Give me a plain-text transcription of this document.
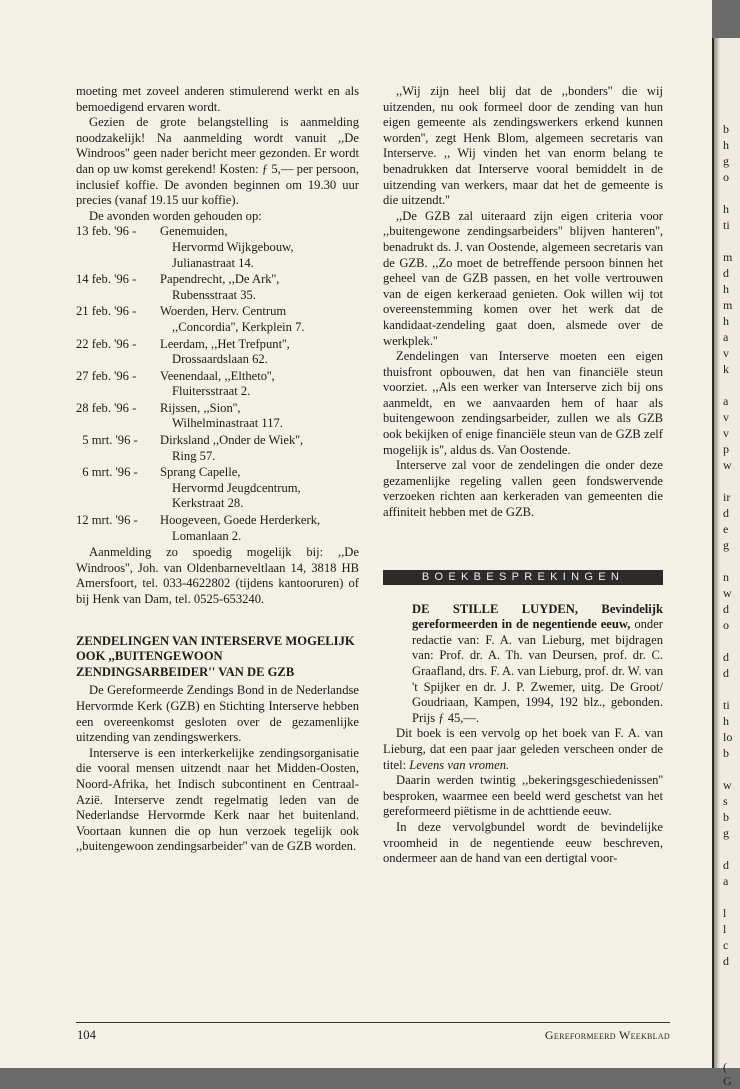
moeting met zoveel anderen stimulerend werkt en als bemoedigend ervaren wordt.

Gezien de grote belangstelling is aanmelding noodzakelijk! Na aanmelding wordt vanuit ,,De Windroos'' geen nader bericht meer gezonden. Er wordt dan op uw komst gerekend! Kosten: ƒ 5,— per persoon, inclusief koffie. De avonden beginnen om 19.30 uur precies (vanaf 19.15 uur koffie).

De avonden worden gehouden op:

13 feb. '96 -	Genemuiden,
Hervormd Wijkgebouw,
Julianastraat 14.
14 feb. '96 -	Papendrecht, ,,De Ark'',
Rubensstraat 35.
21 feb. '96 -	Woerden, Herv. Centrum
,,Concordia'', Kerkplein 7.
22 feb. '96 -	Leerdam, ,,Het Trefpunt'',
Drossaardslaan 62.
27 feb. '96 -	Veenendaal, ,,Eltheto'',
Fluitersstraat 2.
28 feb. '96 -	Rijssen, ,,Sion'',
Wilhelminastraat 117.
5 mrt. '96 -	Dirksland ,,Onder de Wiek'',
Ring 57.
6 mrt. '96 -	Sprang Capelle,
Hervormd Jeugdcentrum,
Kerkstraat 28.
12 mrt. '96 -	Hoogeveen, Goede Herderkerk,
Lomanlaan 2.

Aanmelding zo spoedig mogelijk bij: ,,De Windroos'', Joh. van Oldenbarneveltlaan 14, 3818 HB Amersfoort, tel. 033-4622802 (tijdens kantooruren) of bij Henk van Dam, tel. 0525-653240.

ZENDELINGEN VAN INTERSERVE MOGELIJK OOK ,,BUITENGEWOON ZENDINGSARBEIDER'' VAN DE GZB

De Gereformeerde Zendings Bond in de Nederlandse Hervormde Kerk (GZB) en Stichting Interserve hebben een overeenkomst gesloten over de gezamenlijke uitzending van zendingswerkers.

Interserve is een interkerkelijke zendingsorganisatie die vooral mensen uitzendt naar het Midden-Oosten, Noord-Afrika, het Indisch subcontinent en Centraal-Azië. Interserve zendt regelmatig leden van de Nederlandse Hervormde Kerk naar het buitenland. Voortaan kunnen die op hun verzoek tegelijk ook ,,buitengewoon zendingsarbeider'' van de GZB worden.

,,Wij zijn heel blij dat de ,,bonders'' die wij uitzenden, nu ook formeel door de zending van hun eigen gemeente als zendingswerkers erkend kunnen worden'', zegt Henk Blom, algemeen secretaris van Interserve. ,, Wij vinden het van enorm belang te benadrukken dat Interserve vooral bemiddelt in de uitzending van werkers, maar dat het de gemeente is die uitzendt.''

,,De GZB zal uiteraard zijn eigen criteria voor ,,buitengewone zendingsarbeiders'' blijven hanteren'', benadrukt ds. J. van Oostende, algemeen secretaris van de GZB. ,,Zo moet de betreffende persoon binnen het geheel van de GZB passen, en het volle vertrouwen van de eigen kerkeraad genieten. Ook willen wij tot overeenstemming komen over het werk dat de kandidaat-zendeling gaat doen, alsmede over de werkplek.''

Zendelingen van Interserve moeten een eigen thuisfront opbouwen, dat hen van financiële steun voorziet. ,,Als een werker van Interserve zich bij ons aanmeldt, en we aanvaarden hem of haar als buitengewoon zendingsarbeider, zullen we als GZB ook bekijken of enige financiële steun van de GZB zelf mogelijk is'', aldus ds. Van Oostende.

Interserve zal voor de zendelingen die onder deze gezamenlijke regeling vallen geen fondswervende verzoeken richten aan kerkeraden van gemeenten die affiniteit hebben met de GZB.

BOEKBESPREKINGEN

DE STILLE LUYDEN, Bevindelijk gereformeerden in de negentiende eeuw, onder redactie van: F. A. van Lieburg, met bijdragen van: Prof. dr. A. Th. van Deursen, prof. dr. C. Graafland, drs. F. A. van Lieburg, prof. dr. W. van 't Spijker en dr. J. P. Zwemer, uitg. De Groot/ Goudriaan, Kampen, 1994, 192 blz., gebonden. Prijs ƒ 45,—.

Dit boek is een vervolg op het boek van F. A. van Lieburg, dat een paar jaar geleden verscheen onder de titel: Levens van vromen.

Daarin werden twintig ,,bekeringsgeschiedenissen'' besproken, waarmee een beeld werd geschetst van het gereformeerd piëtisme in de achttiende eeuw.

In deze vervolgbundel wordt de bevindelijke vroomheid in de negentiende eeuw beschreven, ondermeer aan de hand van een dertigtal voor-

104	Gereformeerd Weekblad
b
h
g
o
h
ti
m
d
h
m
h
a
v
k
a
v
v
p
w
ir
d
e
g
n
w
d
o
d
d
ti
h
lo
b
w
s
b
g
d
a
l
l
c
d
(
G
